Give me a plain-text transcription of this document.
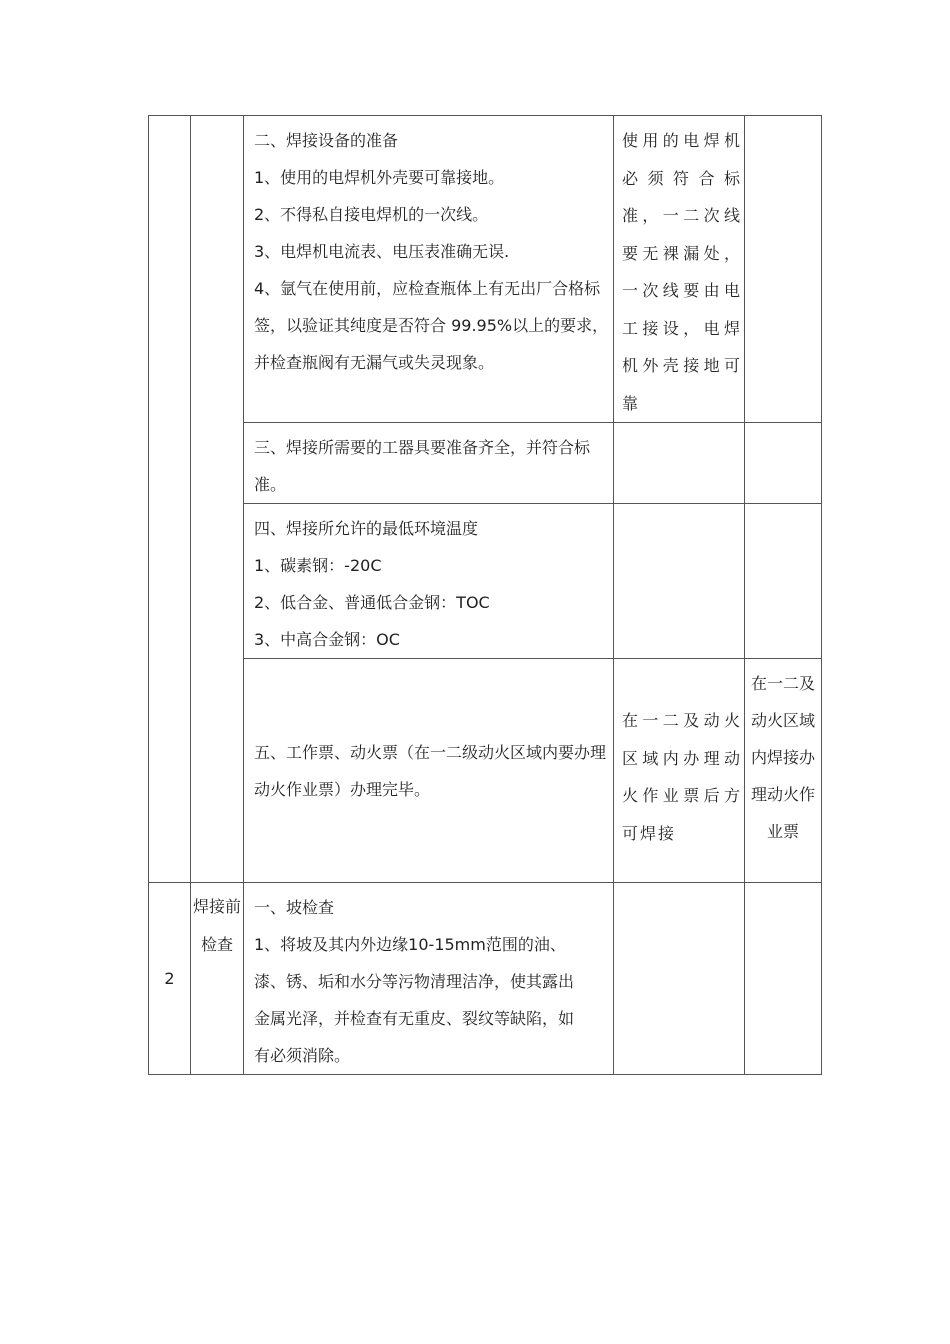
		二、焊接设备的准备
1、使用的电焊机外壳要可靠接地。
2、不得私自接电焊机的一次线。
3、电焊机电流表、电压表准确无误.
4、氩气在使用前，应检查瓶体上有无出厂合格标签，以验证其纯度是否符合 99.95%以上的要求，并检查瓶阀有无漏气或失灵现象。	使用的电焊机必须符合标准，一二次线要无裸漏处，一次线要由电工接设，电焊机外壳接地可靠	

		三、焊接所需要的工器具要准备齐全，并符合标准。		

		四、焊接所允许的最低环境温度
1、碳素钢：-20C
2、低合金、普通低合金钢：TOC
3、中高合金钢：OC		

		五、工作票、动火票（在一二级动火区域内要办理动火作业票）办理完毕。	在一二及动火区域内办理动火作业票后方可焊接	在一二及动火区域内焊接办理动火作业票

2	焊接前检查	一、坡检查
1、将坡及其内外边缘10-15mm范围的油、漆、锈、垢和水分等污物清理洁净，使其露出金属光泽，并检查有无重皮、裂纹等缺陷，如有必须消除。		
